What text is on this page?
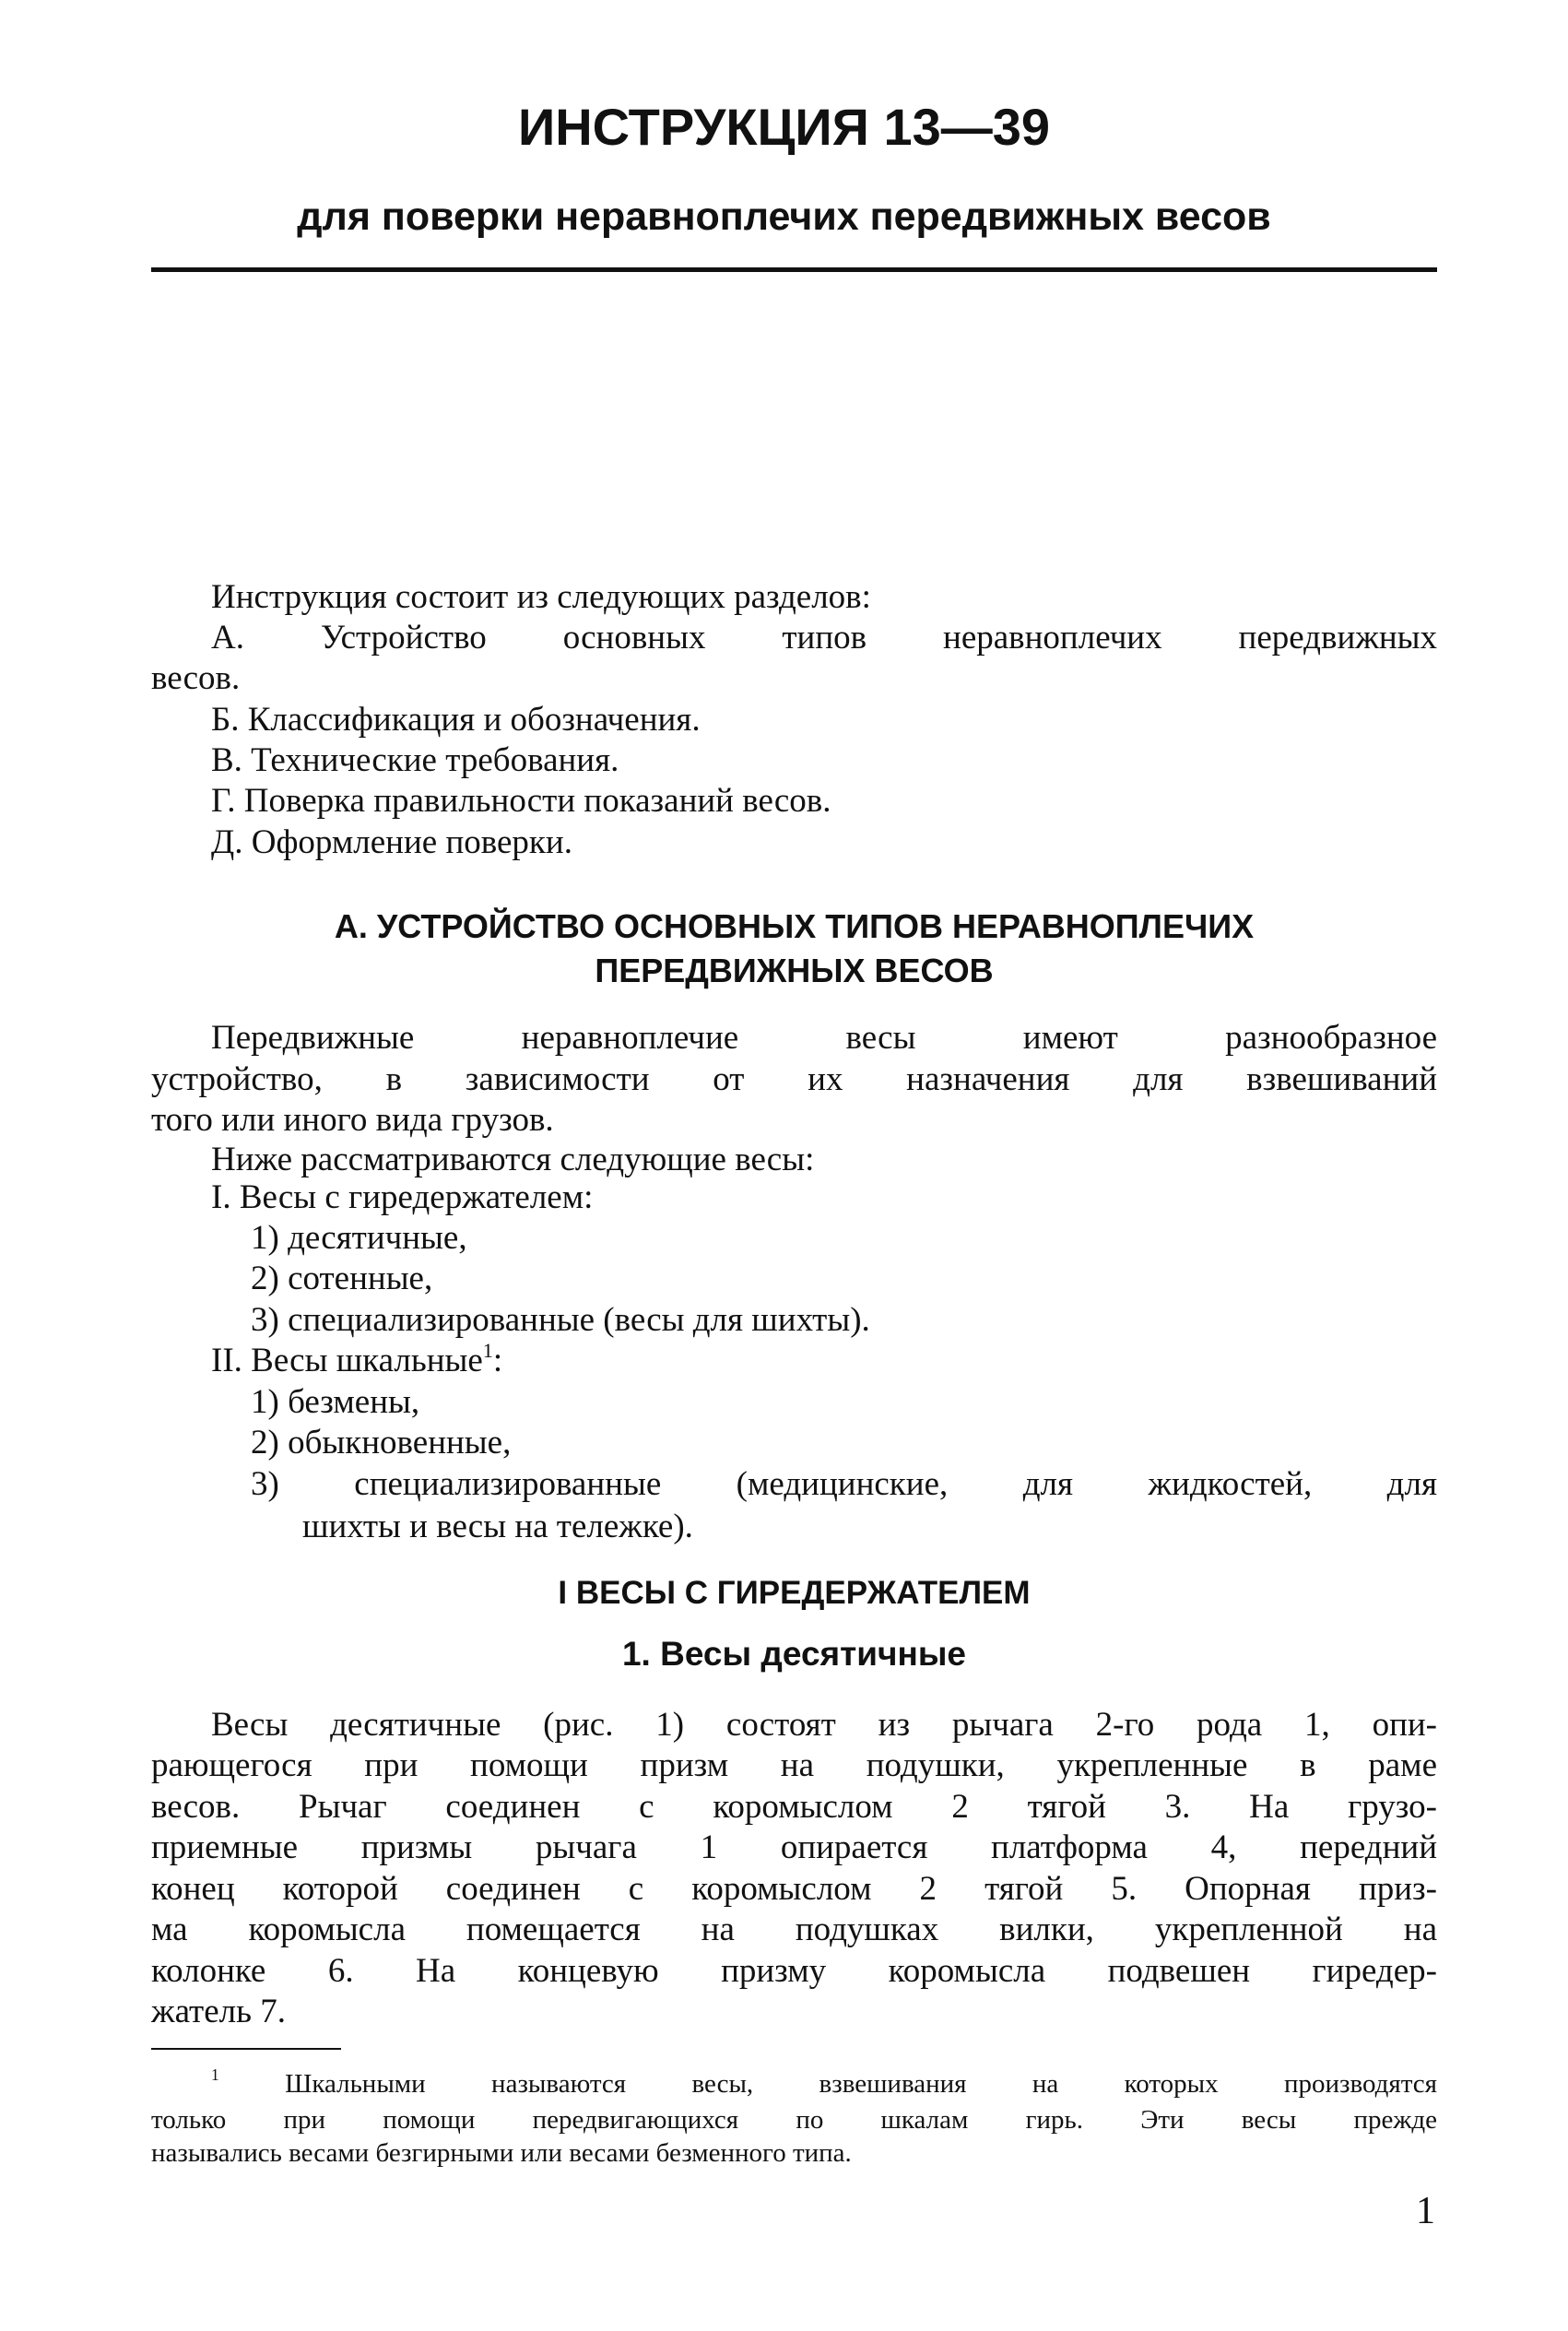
ИНСТРУКЦИЯ 13—39
для поверки неравноплечих передвижных весов
Инструкция состоит из следующих разделов:
А. Устройство основных типов неравноплечих передвижных
весов.
Б. Классификация и обозначения.
В. Технические требования.
Г. Поверка правильности показаний весов.
Д. Оформление поверки.
А. УСТРОЙСТВО ОСНОВНЫХ ТИПОВ НЕРАВНОПЛЕЧИХ
ПЕРЕДВИЖНЫХ ВЕСОВ
Передвижные неравноплечие весы имеют разнообразное
устройство, в зависимости от их назначения для взвешиваний
того или иного вида грузов.
Ниже рассматриваются следующие весы:
I. Весы с гиредержателем:
1) десятичные,
2) сотенные,
3) специализированные (весы для шихты).
II. Весы шкальные$^1$:
1) безмены,
2) обыкновенные,
3) специализированные (медицинские, для жидкостей, для
шихты и весы на тележке).
I ВЕСЫ С ГИРЕДЕРЖАТЕЛЕМ
1. Весы десятичные
Весы десятичные (рис. 1) состоят из рычага 2-го рода 1, опи-
рающегося при помощи призм на подушки, укрепленные в раме
весов. Рычаг соединен с коромыслом 2 тягой 3. На грузо-
приемные призмы рычага 1 опирается платформа 4, передний
конец которой соединен с коромыслом 2 тягой 5. Опорная приз-
ма коромысла помещается на подушках вилки, укрепленной на
колонке 6. На концевую призму коромысла подвешен гиредер-
жатель 7.
$^1$ Шкальными называются весы, взвешивания на которых производятся
только при помощи передвигающихся по шкалам гирь. Эти весы прежде
назывались весами безгирными или весами безменного типа.
1
